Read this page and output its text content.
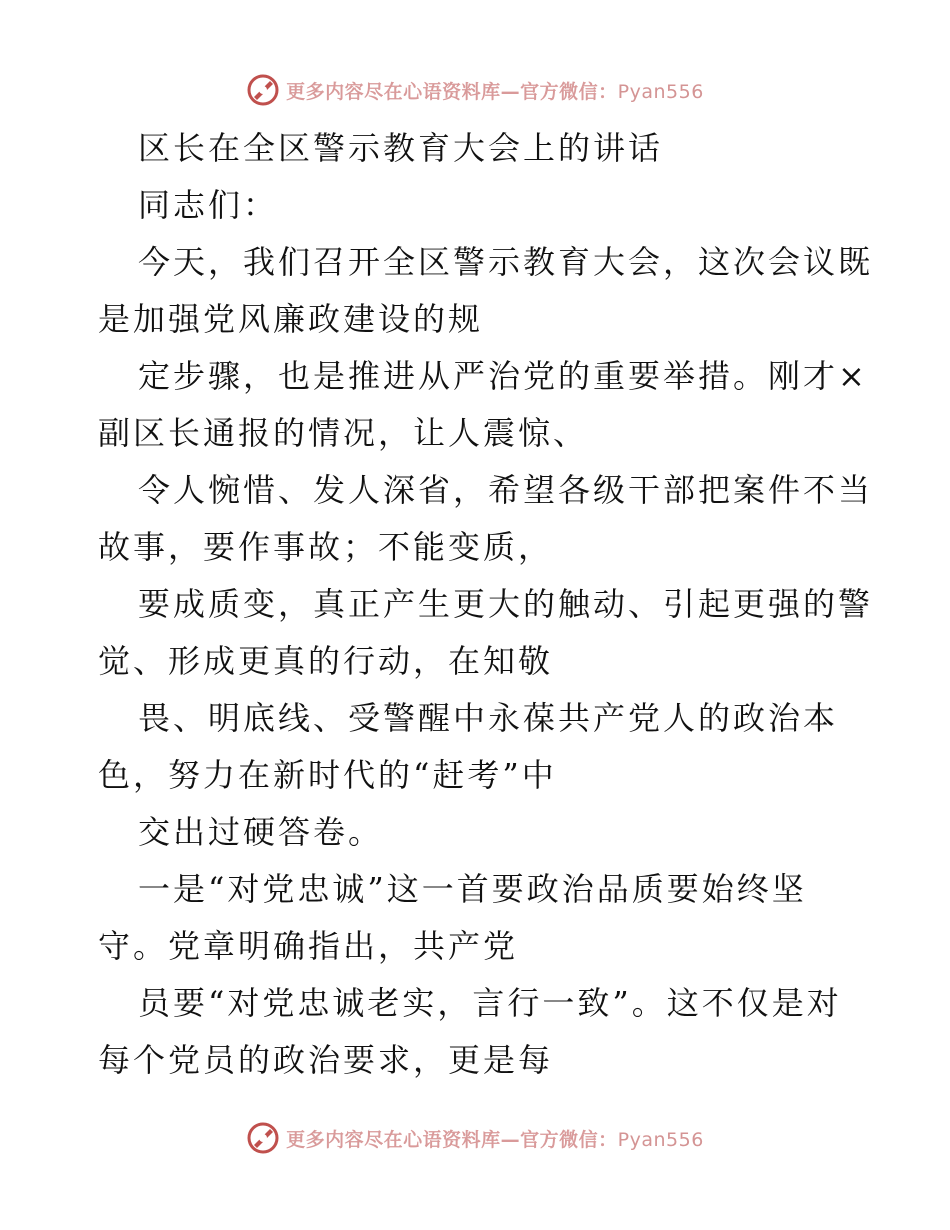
更多内容尽在心语资料库—官方微信：Pyan556
区长在全区警示教育大会上的讲话
同志们：
今天，我们召开全区警示教育大会，这次会议既
是加强党风廉政建设的规
定步骤，也是推进从严治党的重要举措。刚才×
副区长通报的情况，让人震惊、
令人惋惜、发人深省，希望各级干部把案件不当
故事，要作事故；不能变质，
要成质变，真正产生更大的触动、引起更强的警
觉、形成更真的行动，在知敬
畏、明底线、受警醒中永葆共产党人的政治本
色，努力在新时代的“赶考”中
交出过硬答卷。
一是“对党忠诚”这一首要政治品质要始终坚
守。党章明确指出，共产党
员要“对党忠诚老实，言行一致”。这不仅是对
每个党员的政治要求，更是每
更多内容尽在心语资料库—官方微信：Pyan556
